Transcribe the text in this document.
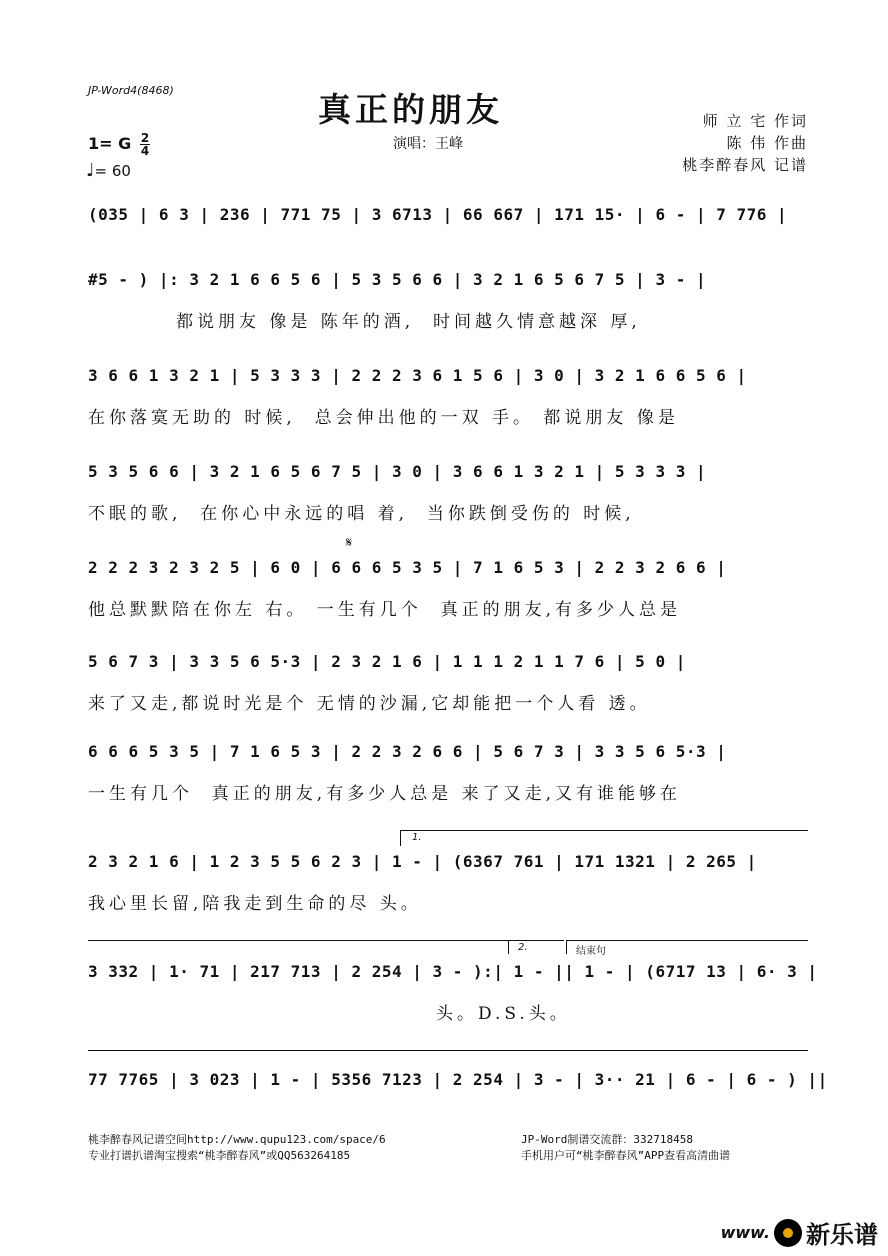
JP-Word4(8468)	真正的朋友
演唱：王峰
师 立 宅 作词
陈 伟 作曲
桃李醉春风 记谱
1= G $\frac{2}{4}$
♩= 60
(035 | 6 3 | 236 | 771 75 | 3 6713 | 66 667 | 171 15· | 6 - | 7 776 |
#5 - ) |: 3 2 1 6 6 5 6 | 5 3 5 6 6 | 3 2 1 6 5 6 7 5 | 3 - |
都说朋友 像是 陈年的酒,  时间越久情意越深 厚,
3 6 6 1 3 2 1 | 5 3 3 3 | 2 2 2 3 6 1 5 6 | 3 0 | 3 2 1 6 6 5 6 |
在你落寞无助的 时候,  总会伸出他的一双 手。 都说朋友 像是
5 3 5 6 6 | 3 2 1 6 5 6 7 5 | 3 0 | 3 6 6 1 3 2 1 | 5 3 3 3 |
不眠的歌,  在你心中永远的唱 着,  当你跌倒受伤的 时候,
𝄋
2 2 2 3 2 3 2 5 | 6 0 | 6 6 6 5 3 5 | 7 1 6 5 3 | 2 2 3 2 6 6 |
他总默默陪在你左 右。 一生有几个  真正的朋友,有多少人总是
5 6 7 3 | 3 3 5 6 5·3 | 2 3 2 1 6 | 1 1 1 2 1 1 7 6 | 5 0 |
来了又走,都说时光是个 无情的沙漏,它却能把一个人看 透。
6 6 6 5 3 5 | 7 1 6 5 3 | 2 2 3 2 6 6 | 5 6 7 3 | 3 3 5 6 5·3 |
一生有几个  真正的朋友,有多少人总是 来了又走,又有谁能够在
1.
2 3 2 1 6 | 1 2 3 5 5 6 2 3 | 1 - | (6367 761 | 171 1321 | 2 265 |
我心里长留,陪我走到生命的尽 头。
2.	结束句
3 332 | 1· 71 | 217 713 | 2 254 | 3 - ):| 1 - || 1 - | (6717 13 | 6· 3 |
头。D.S.头。
77 7765 | 3 023 | 1 - | 5356 7123 | 2 254 | 3 - | 3·· 21 | 6 - | 6 - ) ||
桃李醉春风记谱空间http://www.qupu123.com/space/6
专业打谱扒谱淘宝搜索“桃李醉春风”或QQ563264185
JP-Word制谱交流群：332718458
手机用户可“桃李醉春风”APP查看高清曲谱
www. 新乐谱
